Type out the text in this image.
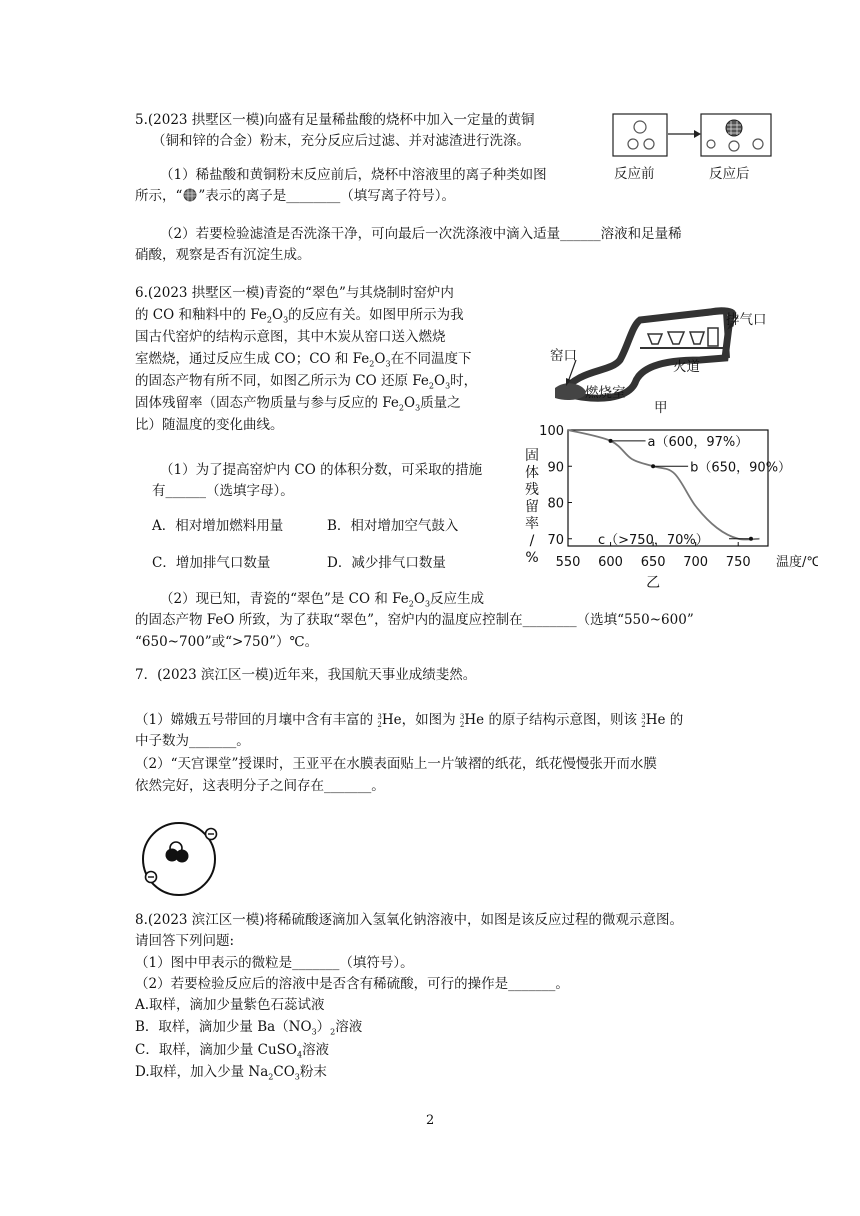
5.(2023 拱墅区一模)向盛有足量稀盐酸的烧杯中加入一定量的黄铜
（铜和锌的合金）粉末，充分反应后过滤、并对滤渣进行洗涤。
反应前	反应后
（1）稀盐酸和黄铜粉末反应前后，烧杯中溶液里的离子种类如图
所示，“ ”表示的离子是________（填写离子符号）。
（2）若要检验滤渣是否洗涤干净，可向最后一次洗涤液中滴入适量______溶液和足量稀
硝酸，观察是否有沉淀生成。
6.(2023 拱墅区一模)青瓷的“翠色”与其烧制时窑炉内
的 CO 和釉料中的 $Fe_2O_3$的反应有关。如图甲所示为我
国古代窑炉的结构示意图，其中木炭从窑口送入燃烧
室燃烧，通过反应生成 CO；CO 和 $Fe_2O_3$在不同温度下
的固态产物有所不同，如图乙所示为 CO 还原 $Fe_2O_3$时，
固体残留率（固态产物质量与参与反应的 $Fe_2O_3$质量之
比）随温度的变化曲线。
（1）为了提高窑炉内 CO 的体积分数，可采取的措施
有______（选填字母）。
A．相对增加燃料用量	B．相对增加空气鼓入
C．增加排气口数量	D．减少排气口数量
（2）现已知，青瓷的“翠色”是 CO 和 $Fe_2O_3$反应生成
的固态产物 FeO 所致，为了获取“翠色”，窑炉内的温度应控制在________（选填“550~600”
“650~700”或“>750”）℃。
排气口
窑口
火道
燃烧室
甲
550 600 650 700 750
100
90
80
70
a（600，97%）
b（650，90%）
c（>750，70%）
固
体
残
留
率
/
%	温度/℃
乙
7．(2023 滨江区一模)近年来，我国航天事业成绩斐然。
（1）嫦娥五号带回的月壤中含有丰富的 3
2He，如图为 3
2He 的原子结构示意图，则该 3
2He 的
中子数为_______。
（2）“天宫课堂”授课时，王亚平在水膜表面贴上一片皱褶的纸花，纸花慢慢张开而水膜
依然完好，这表明分子之间存在_______。
8.(2023 滨江区一模)将稀硫酸逐滴加入氢氧化钠溶液中，如图是该反应过程的微观示意图。
请回答下列问题:
（1）图中甲表示的微粒是_______（填符号）。
（2）若要检验反应后的溶液中是否含有稀硫酸，可行的操作是_______。
A.取样，滴加少量紫色石蕊试液
B．取样，滴加少量 $Ba(NO_3)_2$溶液
C．取样，滴加少量 CuSO$_4$溶液
D.取样，加入少量 $Na_2CO_3$粉末
2
